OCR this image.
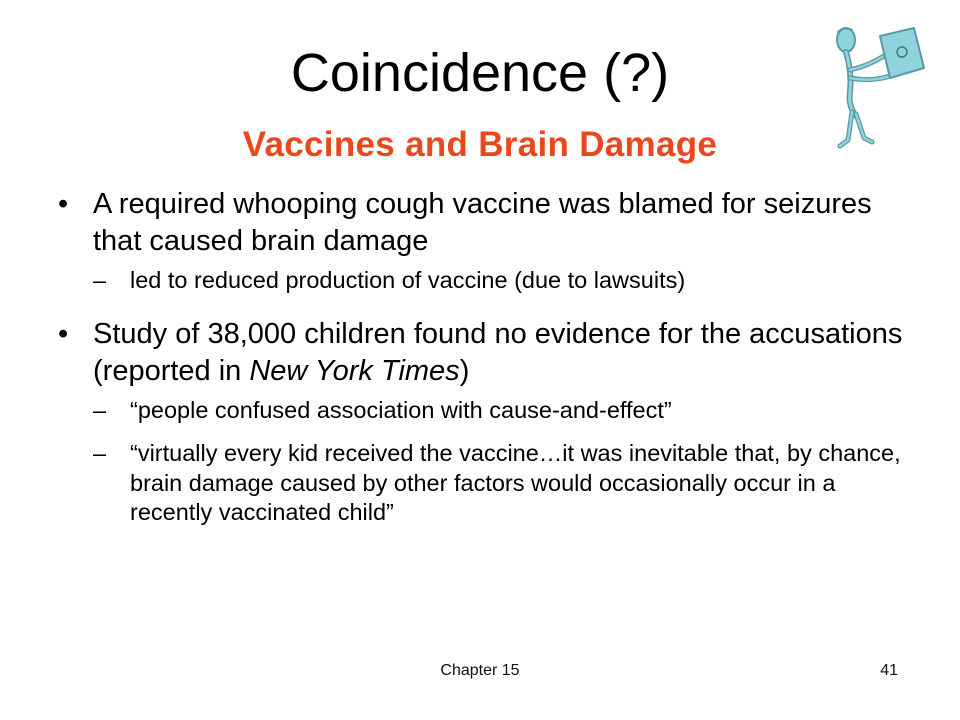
Coincidence (?)
Vaccines and Brain Damage
• A required whooping cough vaccine was blamed for seizures that caused brain damage
– led to reduced production of vaccine (due to lawsuits)
• Study of 38,000 children found no evidence for the accusations (reported in New York Times)
– “people confused association with cause-and-effect”
– “virtually every kid received the vaccine…it was inevitable that, by chance, brain damage caused by other factors would occasionally occur in a recently vaccinated child”
Chapter 15	41
